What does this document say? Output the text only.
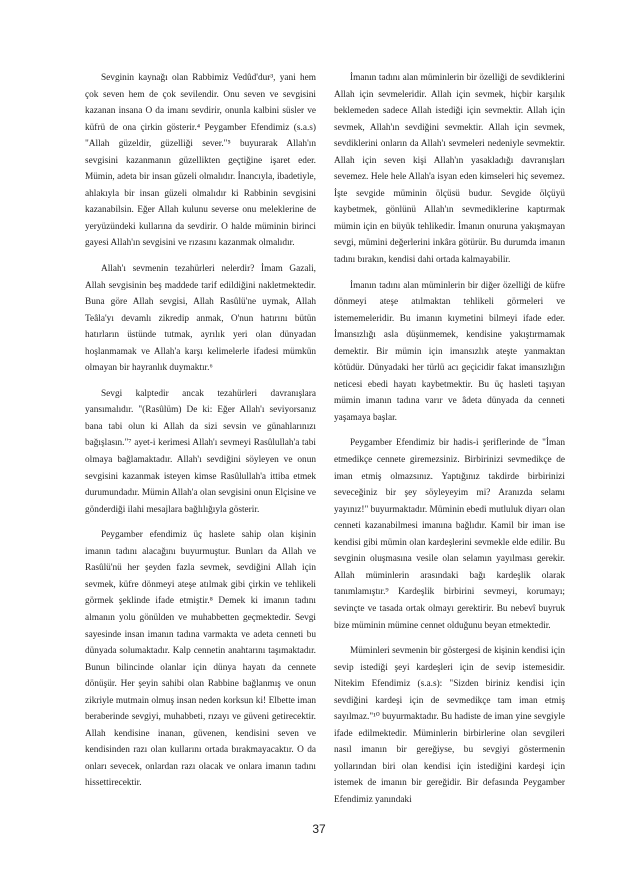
Sevginin kaynağı olan Rabbimiz Vedûd'dur³, yani hem çok seven hem de çok sevilendir. Onu seven ve sevgisini kazanan insana O da imanı sevdirir, onunla kalbini süsler ve küfrü de ona çirkin gösterir.⁴ Peygamber Efendimiz (s.a.s) "Allah güzeldir, güzelliği sever."⁵ buyurarak Allah'ın sevgisini kazanmanın güzellikten geçtiğine işaret eder. Mümin, adeta bir insan güzeli olmalıdır. İnancıyla, ibadetiyle, ahlakıyla bir insan güzeli olmalıdır ki Rabbinin sevgisini kazanabilsin. Eğer Allah kulunu severse onu meleklerine de yeryüzündeki kullarına da sevdirir. O halde müminin birinci gayesi Allah'ın sevgisini ve rızasını kazanmak olmalıdır.

Allah'ı sevmenin tezahürleri nelerdir? İmam Gazali, Allah sevgisinin beş maddede tarif edildiğini nakletmektedir. Buna göre Allah sevgisi, Allah Rasûlü'ne uymak, Allah Teâla'yı devamlı zikredip anmak, O'nun hatırını bütün hatırların üstünde tutmak, ayrılık yeri olan dünyadan hoşlanmamak ve Allah'a karşı kelimelerle ifadesi mümkün olmayan bir hayranlık duymaktır.⁶

Sevgi kalptedir ancak tezahürleri davranışlara yansımalıdır. "(Rasûlüm) De ki: Eğer Allah'ı seviyorsanız bana tabi olun ki Allah da sizi sevsin ve günahlarınızı bağışlasın."⁷ ayet-i kerimesi Allah'ı sevmeyi Rasûlullah'a tabi olmaya bağlamaktadır. Allah'ı sevdiğini söyleyen ve onun sevgisini kazanmak isteyen kimse Rasûlullah'a ittiba etmek durumundadır. Mümin Allah'a olan sevgisini onun Elçisine ve gönderdiği ilahi mesajlara bağlılığıyla gösterir.

Peygamber efendimiz üç haslete sahip olan kişinin imanın tadını alacağını buyurmuştur. Bunları da Allah ve Rasûlü'nü her şeyden fazla sevmek, sevdiğini Allah için sevmek, küfre dönmeyi ateşe atılmak gibi çirkin ve tehlikeli görmek şeklinde ifade etmiştir.⁸ Demek ki imanın tadını almanın yolu gönülden ve muhabbetten geçmektedir. Sevgi sayesinde insan imanın tadına varmakta ve adeta cenneti bu dünyada solumaktadır. Kalp cennetin anahtarını taşımaktadır. Bunun bilincinde olanlar için dünya hayatı da cennete dönüşür. Her şeyin sahibi olan Rabbine bağlanmış ve onun zikriyle mutmain olmuş insan neden korksun ki! Elbette iman beraberinde sevgiyi, muhabbeti, rızayı ve güveni getirecektir. Allah kendisine inanan, güvenen, kendisini seven ve kendisinden razı olan kullarını ortada bırakmayacaktır. O da onları sevecek, onlardan razı olacak ve onlara imanın tadını hissettirecektir.

İmanın tadını alan müminlerin bir özelliği de sevdiklerini Allah için sevmeleridir. Allah için sevmek, hiçbir karşılık beklemeden sadece Allah istediği için sevmektir. Allah için sevmek, Allah'ın sevdiğini sevmektir. Allah için sevmek, sevdiklerini onların da Allah'ı sevmeleri nedeniyle sevmektir. Allah için seven kişi Allah'ın yasakladığı davranışları sevemez. Hele hele Allah'a isyan eden kimseleri hiç sevemez. İşte sevgide müminin ölçüsü budur. Sevgide ölçüyü kaybetmek, gönlünü Allah'ın sevmediklerine kaptırmak mümin için en büyük tehlikedir. İmanın onuruna yakışmayan sevgi, mümini değerlerini inkâra götürür. Bu durumda imanın tadını bırakın, kendisi dahi ortada kalmayabilir.

İmanın tadını alan müminlerin bir diğer özelliği de küfre dönmeyi ateşe atılmaktan tehlikeli görmeleri ve istememeleridir. Bu imanın kıymetini bilmeyi ifade eder. İmansızlığı asla düşünmemek, kendisine yakıştırmamak demektir. Bir mümin için imansızlık ateşte yanmaktan kötüdür. Dünyadaki her türlü acı geçicidir fakat imansızlığın neticesi ebedi hayatı kaybetmektir. Bu üç hasleti taşıyan mümin imanın tadına varır ve âdeta dünyada da cenneti yaşamaya başlar.

Peygamber Efendimiz bir hadis-i şeriflerinde de "İman etmedikçe cennete giremezsiniz. Birbirinizi sevmedikçe de iman etmiş olmazsınız. Yaptığınız takdirde birbirinizi seveceğiniz bir şey söyleyeyim mi? Aranızda selamı yayınız!" buyurmaktadır. Müminin ebedi mutluluk diyarı olan cenneti kazanabilmesi imanına bağlıdır. Kamil bir iman ise kendisi gibi mümin olan kardeşlerini sevmekle elde edilir. Bu sevginin oluşmasına vesile olan selamın yayılması gerekir. Allah müminlerin arasındaki bağı kardeşlik olarak tanımlamıştır.⁹ Kardeşlik birbirini sevmeyi, korumayı; sevinçte ve tasada ortak olmayı gerektirir. Bu nebevî buyruk bize müminin mümine cennet olduğunu beyan etmektedir.

Müminleri sevmenin bir göstergesi de kişinin kendisi için sevip istediği şeyi kardeşleri için de sevip istemesidir. Nitekim Efendimiz (s.a.s): "Sizden biriniz kendisi için sevdiğini kardeşi için de sevmedikçe tam iman etmiş sayılmaz."¹⁰ buyurmaktadır. Bu hadiste de iman yine sevgiyle ifade edilmektedir. Müminlerin birbirlerine olan sevgileri nasıl imanın bir gereğiyse, bu sevgiyi göstermenin yollarından biri olan kendisi için istediğini kardeşi için istemek de imanın bir gereğidir. Bir defasında Peygamber Efendimiz yanındaki

37
